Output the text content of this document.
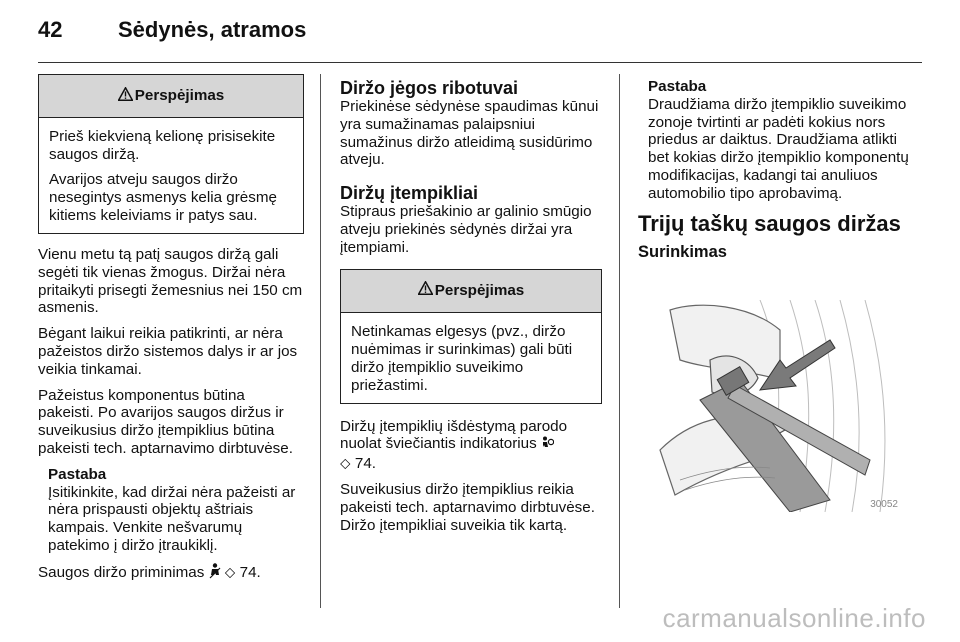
42	Sėdynės, atramos
Perspėjimas

Prieš kiekvieną kelionę prisisekite saugos diržą.

Avarijos atveju saugos diržo nesegintys asmenys kelia grėsmę kitiems keleiviams ir patys sau.

Vienu metu tą patį saugos diržą gali segėti tik vienas žmogus. Diržai nėra pritaikyti prisegti žemesnius nei 150 cm asmenis.

Bėgant laikui reikia patikrinti, ar nėra pažeistos diržo sistemos dalys ir ar jos veikia tinkamai.

Pažeistus komponentus būtina pakeisti. Po avarijos saugos diržus ir suveikusius diržo įtempiklius būtina pakeisti tech. aptarnavimo dirbtuvėse.

Pastaba
Įsitikinkite, kad diržai nėra pažeisti ar nėra prispausti objektų aštriais kampais. Venkite nešvarumų patekimo į diržo įtraukiklį.

Saugos diržo priminimas ⬦ 74.

Diržo jėgos ribotuvai

Priekinėse sėdynėse spaudimas kūnui yra sumažinamas palaipsniui sumažinus diržo atleidimą susidūrimo atveju.

Diržų įtempikliai

Stipraus priešakinio ar galinio smūgio atveju priekinės sėdynės diržai yra įtempiami.

Perspėjimas

Netinkamas elgesys (pvz., diržo nuėmimas ir surinkimas) gali būti diržo įtempiklio suveikimo priežastimi.

Diržų įtempiklių išdėstymą parodo nuolat šviečiantis indikatorius
⬦ 74.

Suveikusius diržo įtempiklius reikia pakeisti tech. aptarnavimo dirbtuvėse. Diržo įtempikliai suveikia tik kartą.

Pastaba
Draudžiama diržo įtempiklio suveikimo zonoje tvirtinti ar padėti kokius nors priedus ar daiktus. Draudžiama atlikti bet kokias diržo įtempiklio komponentų modifikacijas, kadangi tai anuliuos automobilio tipo aprobavimą.
Trijų taškų saugos diržas
Surinkimas
30052
carmanualsonline.info
